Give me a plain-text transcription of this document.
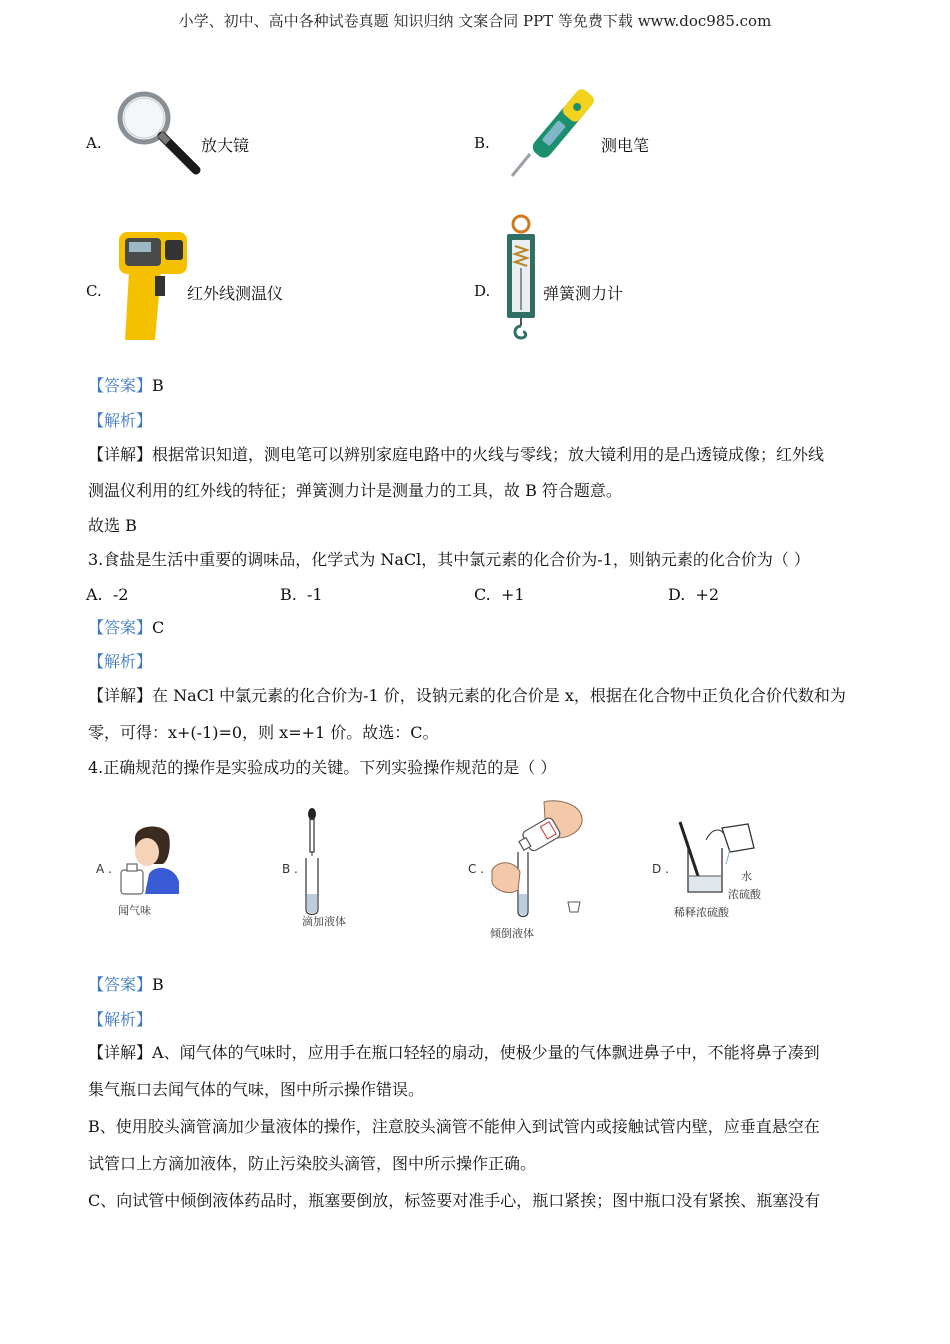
小学、初中、高中各种试卷真题 知识归纳 文案合同 PPT 等免费下载 www.doc985.com
A.	放大镜	B.	测电笔
C.	红外线测温仪	D.	弹簧测力计
【答案】B
【解析】
【详解】根据常识知道，测电笔可以辨别家庭电路中的火线与零线；放大镜利用的是凸透镜成像；红外线
测温仪利用的红外线的特征；弹簧测力计是测量力的工具，故 B 符合题意。
故选 B
3.食盐是生活中重要的调味品，化学式为 NaCl，其中氯元素的化合价为-1，则钠元素的化合价为（ ）
A. -2	B. -1	C. +1	D. +2
【答案】C
【解析】
【详解】在 NaCl 中氯元素的化合价为-1 价，设钠元素的化合价是 x，根据在化合物中正负化合价代数和为
零，可得：x+(-1)=0，则 x=+1 价。故选：C。
4.正确规范的操作是实验成功的关键。下列实验操作规范的是（ ）
A .
闻气味
B .
滴加液体
C .
倾倒液体
D .
水
浓硫酸
稀释浓硫酸
【答案】B
【解析】
【详解】A、闻气体的气味时，应用手在瓶口轻轻的扇动，使极少量的气体飘进鼻子中，不能将鼻子凑到
集气瓶口去闻气体的气味，图中所示操作错误。
B、使用胶头滴管滴加少量液体的操作，注意胶头滴管不能伸入到试管内或接触试管内壁，应垂直悬空在
试管口上方滴加液体，防止污染胶头滴管，图中所示操作正确。
C、向试管中倾倒液体药品时，瓶塞要倒放，标签要对准手心，瓶口紧挨；图中瓶口没有紧挨、瓶塞没有
